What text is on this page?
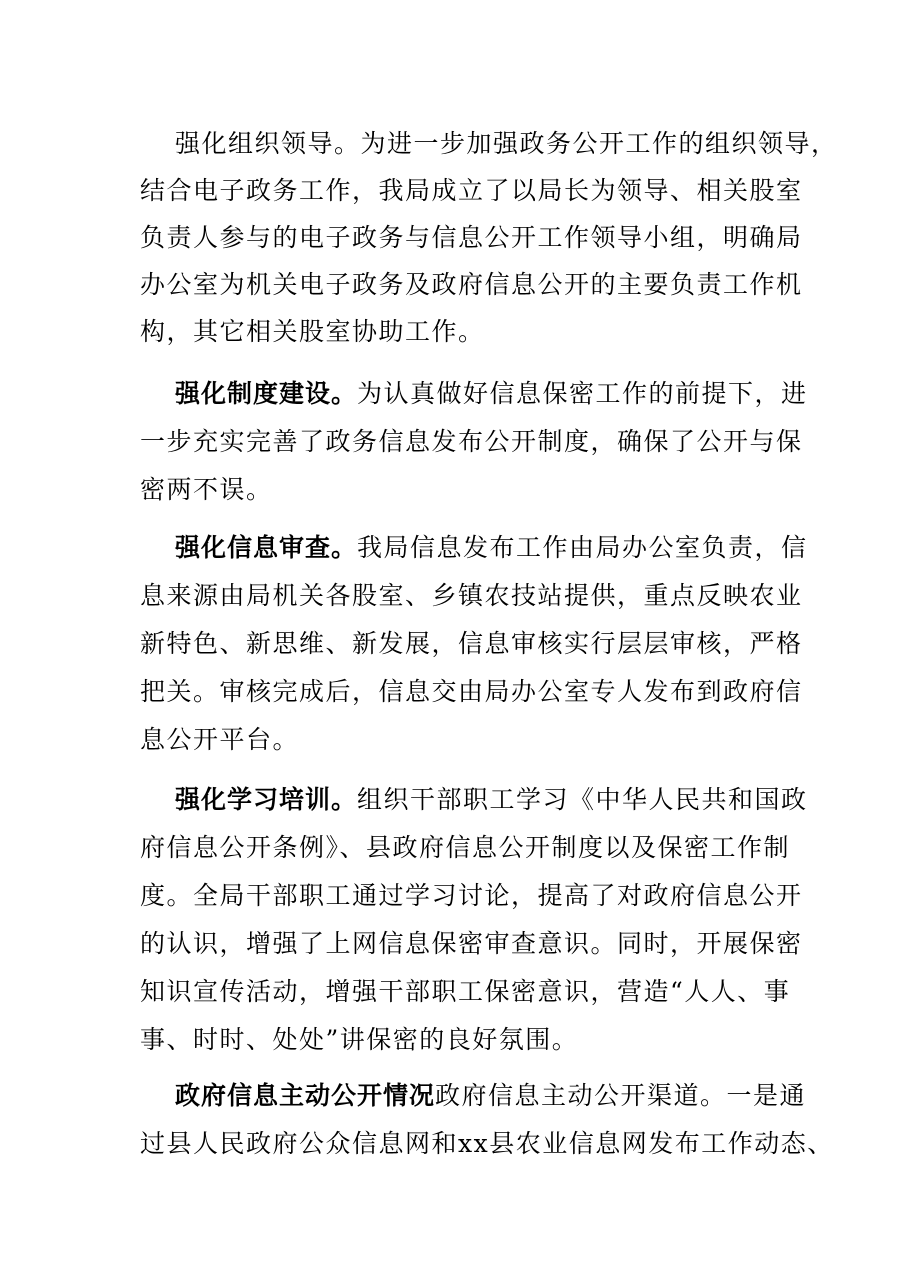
强化组织领导。为进一步加强政务公开工作的组织领导，
结合电子政务工作，我局成立了以局长为领导、相关股室
负责人参与的电子政务与信息公开工作领导小组，明确局
办公室为机关电子政务及政府信息公开的主要负责工作机
构，其它相关股室协助工作。
强化制度建设。为认真做好信息保密工作的前提下，进
一步充实完善了政务信息发布公开制度，确保了公开与保
密两不误。
强化信息审查。我局信息发布工作由局办公室负责，信
息来源由局机关各股室、乡镇农技站提供，重点反映农业
新特色、新思维、新发展，信息审核实行层层审核，严格
把关。审核完成后，信息交由局办公室专人发布到政府信
息公开平台。
强化学习培训。组织干部职工学习《中华人民共和国政
府信息公开条例》、县政府信息公开制度以及保密工作制
度。全局干部职工通过学习讨论，提高了对政府信息公开
的认识，增强了上网信息保密审查意识。同时，开展保密
知识宣传活动，增强干部职工保密意识，营造“人人、事
事、时时、处处”讲保密的良好氛围。
政府信息主动公开情况政府信息主动公开渠道。一是通
过县人民政府公众信息网和xx县农业信息网发布工作动态、
